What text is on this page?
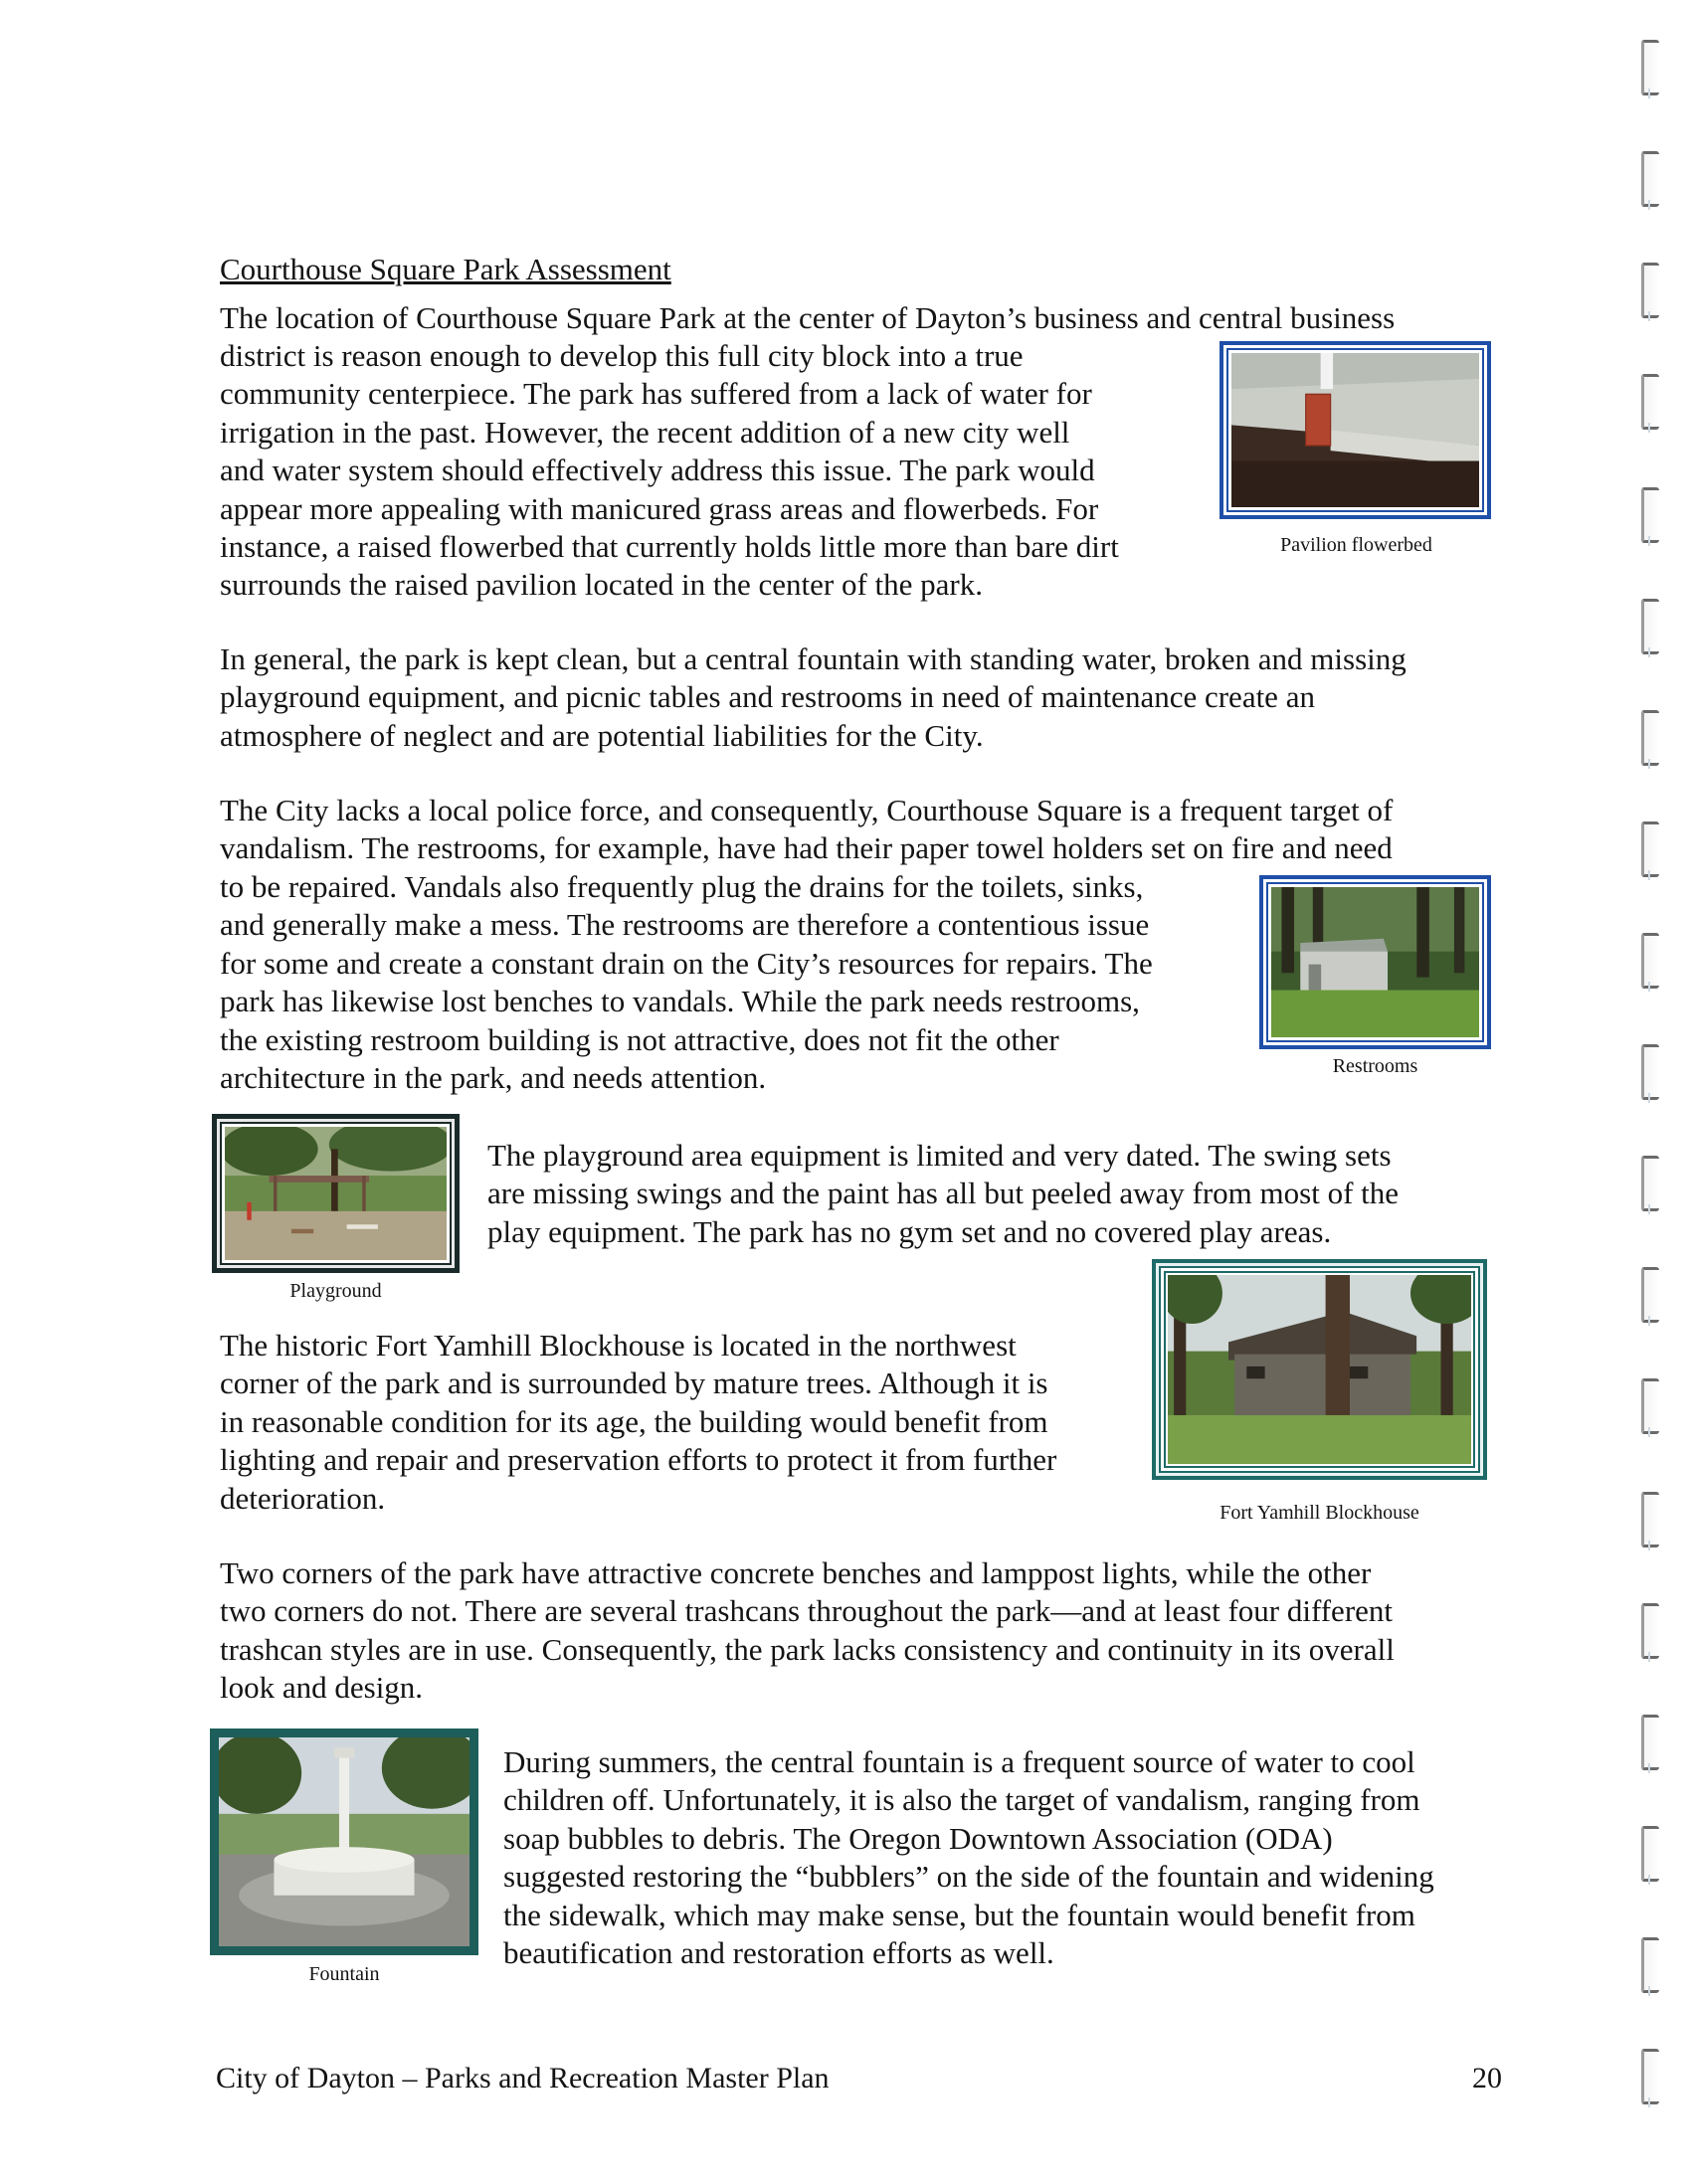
Courthouse Square Park Assessment
The location of Courthouse Square Park at the center of Dayton’s business and central business
district is reason enough to develop this full city block into a true
community centerpiece. The park has suffered from a lack of water for
irrigation in the past. However, the recent addition of a new city well
and water system should effectively address this issue. The park would
appear more appealing with manicured grass areas and flowerbeds. For
instance, a raised flowerbed that currently holds little more than bare dirt
surrounds the raised pavilion located in the center of the park.
Pavilion flowerbed
In general, the park is kept clean, but a central fountain with standing water, broken and missing
playground equipment, and picnic tables and restrooms in need of maintenance create an
atmosphere of neglect and are potential liabilities for the City.
The City lacks a local police force, and consequently, Courthouse Square is a frequent target of
vandalism. The restrooms, for example, have had their paper towel holders set on fire and need
to be repaired. Vandals also frequently plug the drains for the toilets, sinks,
and generally make a mess. The restrooms are therefore a contentious issue
for some and create a constant drain on the City’s resources for repairs. The
park has likewise lost benches to vandals. While the park needs restrooms,
the existing restroom building is not attractive, does not fit the other
architecture in the park, and needs attention.	Restrooms
Playground
The playground area equipment is limited and very dated. The swing sets
are missing swings and the paint has all but peeled away from most of the
play equipment. The park has no gym set and no covered play areas.
Fort Yamhill Blockhouse
The historic Fort Yamhill Blockhouse is located in the northwest
corner of the park and is surrounded by mature trees. Although it is
in reasonable condition for its age, the building would benefit from
lighting and repair and preservation efforts to protect it from further
deterioration.
Two corners of the park have attractive concrete benches and lamppost lights, while the other
two corners do not. There are several trashcans throughout the park—and at least four different
trashcan styles are in use. Consequently, the park lacks consistency and continuity in its overall
look and design.
Fountain
During summers, the central fountain is a frequent source of water to cool
children off. Unfortunately, it is also the target of vandalism, ranging from
soap bubbles to debris. The Oregon Downtown Association (ODA)
suggested restoring the “bubblers” on the side of the fountain and widening
the sidewalk, which may make sense, but the fountain would benefit from
beautification and restoration efforts as well.
City of Dayton – Parks and Recreation Master Plan	20
